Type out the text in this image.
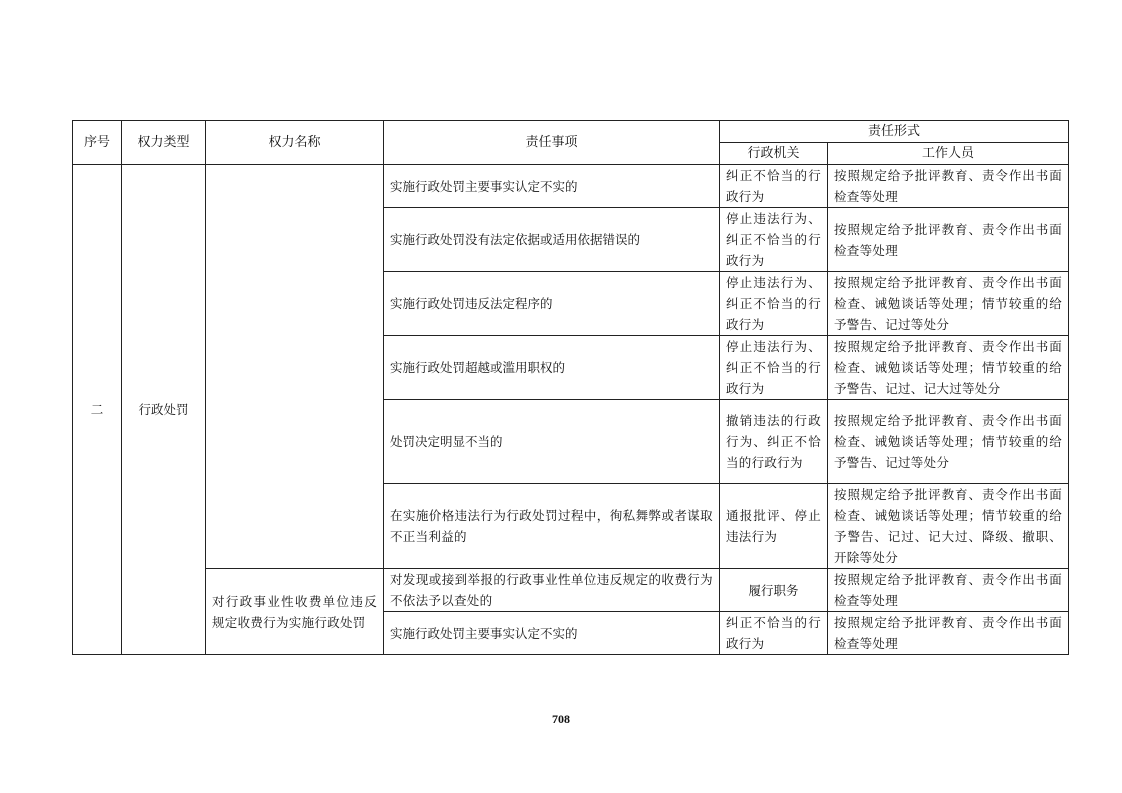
序号	权力类型	权力名称	责任事项	责任形式	
				行政机关	工作人员
二	行政处罚		实施行政处罚主要事实认定不实的	纠正不恰当的行政行为	按照规定给予批评教育、责令作出书面检查等处理
			实施行政处罚没有法定依据或适用依据错误的	停止违法行为、纠正不恰当的行政行为	按照规定给予批评教育、责令作出书面检查等处理
			实施行政处罚违反法定程序的	停止违法行为、纠正不恰当的行政行为	按照规定给予批评教育、责令作出书面检查、诫勉谈话等处理；情节较重的给予警告、记过等处分
			实施行政处罚超越或滥用职权的	停止违法行为、纠正不恰当的行政行为	按照规定给予批评教育、责令作出书面检查、诫勉谈话等处理；情节较重的给予警告、记过、记大过等处分
			处罚决定明显不当的	撤销违法的行政行为、纠正不恰当的行政行为	按照规定给予批评教育、责令作出书面检查、诫勉谈话等处理；情节较重的给予警告、记过等处分
			在实施价格违法行为行政处罚过程中，徇私舞弊或者谋取不正当利益的	通报批评、停止违法行为	按照规定给予批评教育、责令作出书面检查、诫勉谈话等处理；情节较重的给予警告、记过、记大过、降级、撤职、开除等处分
		对行政事业性收费单位违反规定收费行为实施行政处罚	对发现或接到举报的行政事业性单位违反规定的收费行为不依法予以查处的	履行职务	按照规定给予批评教育、责令作出书面检查等处理
			实施行政处罚主要事实认定不实的	纠正不恰当的行政行为	按照规定给予批评教育、责令作出书面检查等处理
708
